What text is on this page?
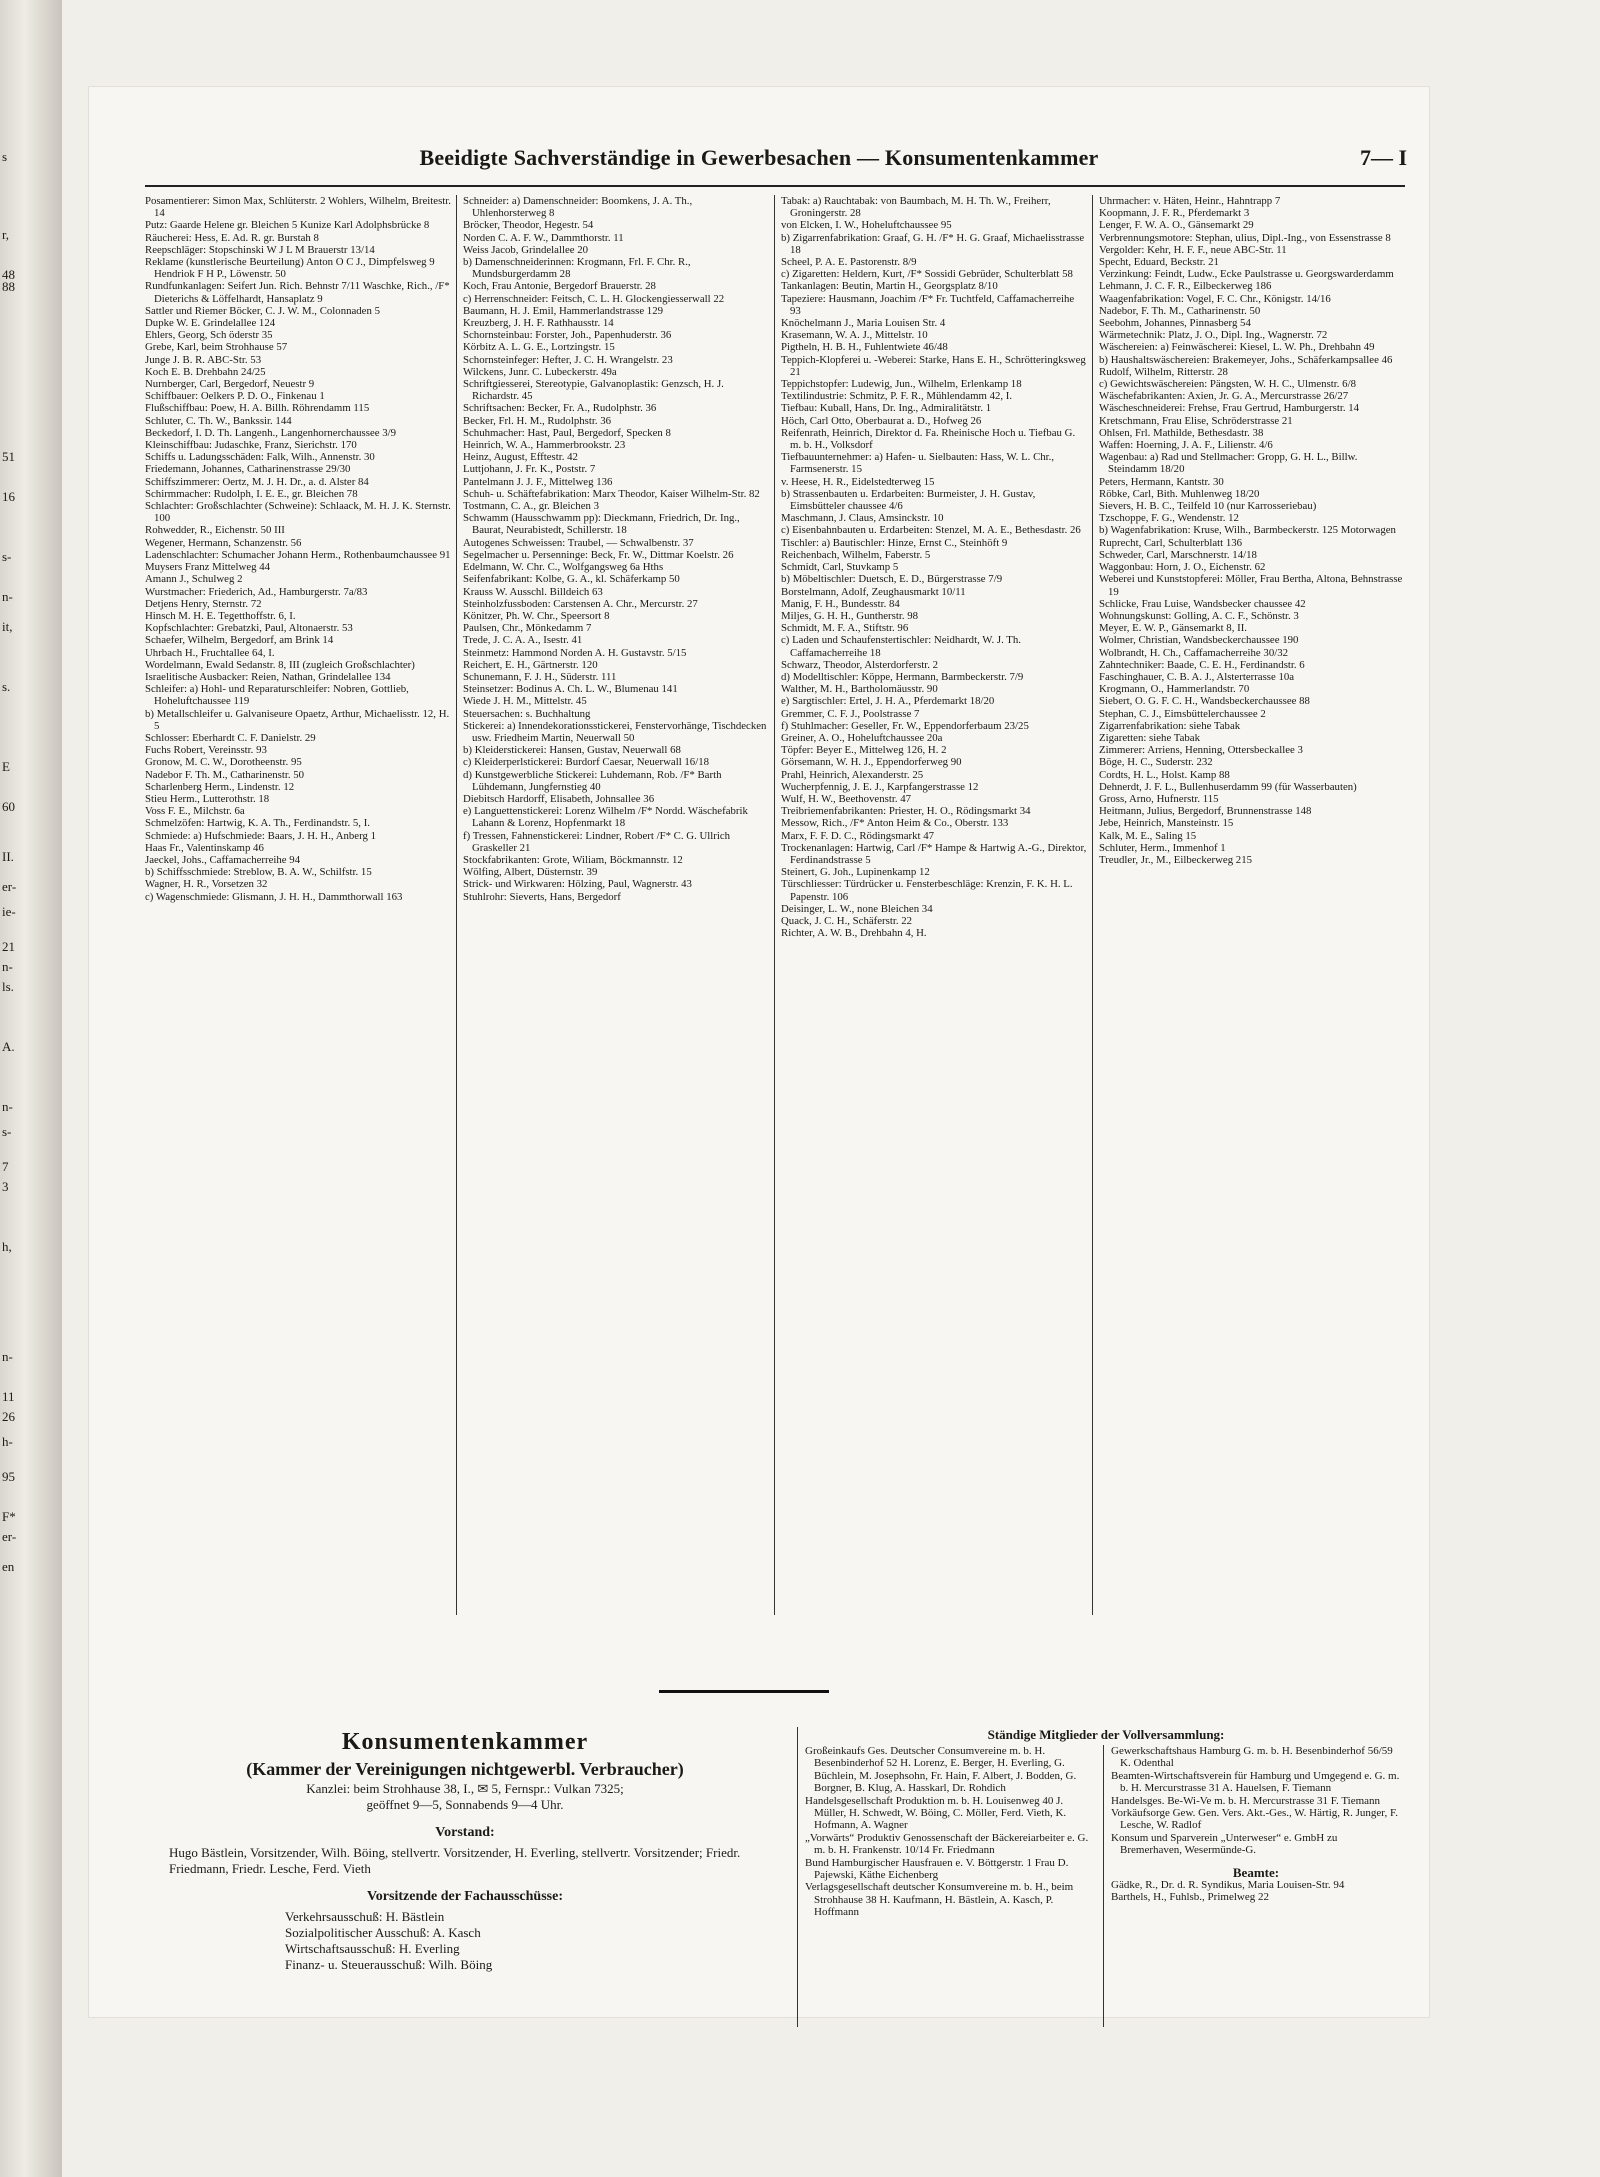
s
r,
48
88
51
16
s-
n-
it,
s.
E
60
II.
er-
ie-
21
n-
ls.
A.
n-
s-
7
3
h,
n-
11
26
h-
95
F*
er-
en
Beeidigte Sachverständige in Gewerbesachen — Konsumentenkammer	7— I

Posamentierer: Simon Max, Schlüterstr. 2 Wohlers, Wilhelm, Breitestr. 14

Putz: Gaarde Helene gr. Bleichen 5 Kunize Karl Adolphsbrücke 8

Räucherei: Hess, E. Ad. R. gr. Burstah 8

Reepschläger: Stopschinski W J L M Brauerstr 13/14

Reklame (kunstlerische Beurteilung) Anton O C J., Dimpfelsweg 9 Hendriok F H P., Löwenstr. 50

Rundfunkanlagen: Seifert Jun. Rich. Behnstr 7/11 Waschke, Rich., /F* Dieterichs & Löffelhardt, Hansaplatz 9

Sattler und Riemer Böcker, C. J. W. M., Colonnaden 5

Dupke W. E. Grindelallee 124

Ehlers, Georg, Sch öderstr 35

Grebe, Karl, beim Strohhause 57

Junge J. B. R. ABC-Str. 53

Koch E. B. Drehbahn 24/25

Nurnberger, Carl, Bergedorf, Neuestr 9

Schiffbauer: Oelkers P. D. O., Finkenau 1

Flußschiffbau: Poew, H. A. Billh. Röhrendamm 115

Schluter, C. Th. W., Bankssir. 144

Beckedorf, I. D. Th. Langenh., Langenhornerchaussee 3/9

Kleinschiffbau: Judaschke, Franz, Sierichstr. 170

Schiffs u. Ladungsschäden: Falk, Wilh., Annenstr. 30

Friedemann, Johannes, Catharinenstrasse 29/30

Schiffszimmerer: Oertz, M. J. H. Dr., a. d. Alster 84

Schirmmacher: Rudolph, I. E. E., gr. Bleichen 78

Schlachter: Großschlachter (Schweine): Schlaack, M. H. J. K. Sternstr. 100

Rohwedder, R., Eichenstr. 50 III

Wegener, Hermann, Schanzenstr. 56

Ladenschlachter: Schumacher Johann Herm., Rothenbaumchaussee 91

Muysers Franz Mittelweg 44

Amann J., Schulweg 2

Wurstmacher: Friederich, Ad., Hamburgerstr. 7a/83

Detjens Henry, Sternstr. 72

Hinsch M. H. E. Tegetthoffstr. 6, I.

Kopfschlachter: Grebatzki, Paul, Altonaerstr. 53

Schaefer, Wilhelm, Bergedorf, am Brink 14

Uhrbach H., Fruchtallee 64, I.

Wordelmann, Ewald Sedanstr. 8, III (zugleich Großschlachter)

Israelitische Ausbacker: Reien, Nathan, Grindelallee 134

Schleifer: a) Hohl- und Reparaturschleifer: Nobren, Gottlieb, Hoheluftchaussee 119

b) Metallschleifer u. Galvaniseure Opaetz, Arthur, Michaelisstr. 12, H. 5

Schlosser: Eberhardt C. F. Danielstr. 29

Fuchs Robert, Vereinsstr. 93

Gronow, M. C. W., Dorotheenstr. 95

Nadebor F. Th. M., Catharinenstr. 50

Scharlenberg Herm., Lindenstr. 12

Stieu Herm., Lutterothstr. 18

Voss F. E., Milchstr. 6a

Schmelzöfen: Hartwig, K. A. Th., Ferdinandstr. 5, I.

Schmiede: a) Hufschmiede: Baars, J. H. H., Anberg 1

Haas Fr., Valentinskamp 46

Jaeckel, Johs., Caffamacherreihe 94

b) Schiffsschmiede: Streblow, B. A. W., Schilfstr. 15

Wagner, H. R., Vorsetzen 32

c) Wagenschmiede: Glismann, J. H. H., Dammthorwall 163

Schneider: a) Damenschneider: Boomkens, J. A. Th., Uhlenhorsterweg 8

Bröcker, Theodor, Hegestr. 54

Norden C. A. F. W., Dammthorstr. 11

Weiss Jacob, Grindelallee 20

b) Damenschneiderinnen: Krogmann, Frl. F. Chr. R., Mundsburgerdamm 28

Koch, Frau Antonie, Bergedorf Brauerstr. 28

c) Herrenschneider: Feitsch, C. L. H. Glockengiesserwall 22

Baumann, H. J. Emil, Hammerlandstrasse 129

Kreuzberg, J. H. F. Rathhausstr. 14

Schornsteinbau: Forster, Joh., Papenhuderstr. 36

Körbitz A. L. G. E., Lortzingstr. 15

Schornsteinfeger: Hefter, J. C. H. Wrangelstr. 23

Wilckens, Junr. C. Lubeckerstr. 49a

Schriftgiesserei, Stereotypie, Galvanoplastik: Genzsch, H. J. Richardstr. 45

Schriftsachen: Becker, Fr. A., Rudolphstr. 36

Becker, Frl. H. M., Rudolphstr. 36

Schuhmacher: Hast, Paul, Bergedorf, Specken 8

Heinrich, W. A., Hammerbrookstr. 23

Heinz, August, Efftestr. 42

Luttjohann, J. Fr. K., Poststr. 7

Pantelmann J. J. F., Mittelweg 136

Schuh- u. Schäftefabrikation: Marx Theodor, Kaiser Wilhelm-Str. 82

Tostmann, C. A., gr. Bleichen 3

Schwamm (Hausschwamm pp): Dieckmann, Friedrich, Dr. Ing., Baurat, Neurabistedt, Schillerstr. 18

Autogenes Schweissen: Traubel, — Schwalbenstr. 37

Segelmacher u. Persenninge: Beck, Fr. W., Dittmar Koelstr. 26

Edelmann, W. Chr. C., Wolfgangsweg 6a Hths

Seifenfabrikant: Kolbe, G. A., kl. Schäferkamp 50

Krauss W. Ausschl. Billdeich 63

Steinholzfussboden: Carstensen A. Chr., Mercurstr. 27

Könitzer, Ph. W. Chr., Speersort 8

Paulsen, Chr., Mönkedamm 7

Trede, J. C. A. A., Isestr. 41

Steinmetz: Hammond Norden A. H. Gustavstr. 5/15

Reichert, E. H., Gärtnerstr. 120

Schunemann, F. J. H., Süderstr. 111

Steinsetzer: Bodinus A. Ch. L. W., Blumenau 141

Wiede J. H. M., Mittelstr. 45

Steuersachen: s. Buchhaltung

Stickerei: a) Innendekorationsstickerei, Fenstervorhänge, Tischdecken usw. Friedheim Martin, Neuerwall 50

b) Kleiderstickerei: Hansen, Gustav, Neuerwall 68

c) Kleiderperlstickerei: Burdorf Caesar, Neuerwall 16/18

d) Kunstgewerbliche Stickerei: Luhdemann, Rob. /F* Barth Lühdemann, Jungfernstieg 40

Diebitsch Hardorff, Elisabeth, Johnsallee 36

e) Languettenstickerei: Lorenz Wilhelm /F* Nordd. Wäschefabrik Lahann & Lorenz, Hopfenmarkt 18

f) Tressen, Fahnenstickerei: Lindner, Robert /F* C. G. Ullrich Graskeller 21

Stockfabrikanten: Grote, Wiliam, Böckmannstr. 12

Wölfing, Albert, Düsternstr. 39

Strick- und Wirkwaren: Hölzing, Paul, Wagnerstr. 43

Stuhlrohr: Sieverts, Hans, Bergedorf

Tabak: a) Rauchtabak: von Baumbach, M. H. Th. W., Freiherr, Groningerstr. 28

von Elcken, I. W., Hoheluftchaussee 95

b) Zigarrenfabrikation: Graaf, G. H. /F* H. G. Graaf, Michaelisstrasse 18

Scheel, P. A. E. Pastorenstr. 8/9

c) Zigaretten: Heldern, Kurt, /F* Sossidi Gebrüder, Schulterblatt 58

Tankanlagen: Beutin, Martin H., Georgsplatz 8/10

Tapeziere: Hausmann, Joachim /F* Fr. Tuchtfeld, Caffamacherreihe 93

Knöchelmann J., Maria Louisen Str. 4

Krasemann, W. A. J., Mittelstr. 10

Pigtheln, H. B. H., Fuhlentwiete 46/48

Teppich-Klopferei u. -Weberei: Starke, Hans E. H., Schrötteringksweg 21

Teppichstopfer: Ludewig, Jun., Wilhelm, Erlenkamp 18

Textilindustrie: Schmitz, P. F. R., Mühlendamm 42, I.

Tiefbau: Kuball, Hans, Dr. Ing., Admiralitätstr. 1

Höch, Carl Otto, Oberbaurat a. D., Hofweg 26

Reifenrath, Heinrich, Direktor d. Fa. Rheinische Hoch u. Tiefbau G. m. b. H., Volksdorf

Tiefbauunternehmer: a) Hafen- u. Sielbauten: Hass, W. L. Chr., Farmsenerstr. 15

v. Heese, H. R., Eidelstedterweg 15

b) Strassenbauten u. Erdarbeiten: Burmeister, J. H. Gustav, Eimsbütteler chaussee 4/6

Maschmann, J. Claus, Amsinckstr. 10

c) Eisenbahnbauten u. Erdarbeiten: Stenzel, M. A. E., Bethesdastr. 26

Tischler: a) Bautischler: Hinze, Ernst C., Steinhöft 9

Reichenbach, Wilhelm, Faberstr. 5

Schmidt, Carl, Stuvkamp 5

b) Möbeltischler: Duetsch, E. D., Bürgerstrasse 7/9

Borstelmann, Adolf, Zeughausmarkt 10/11

Manig, F. H., Bundesstr. 84

Miljes, G. H. H., Guntherstr. 98

Schmidt, M. F. A., Stiftstr. 96

c) Laden und Schaufenstertischler: Neidhardt, W. J. Th. Caffamacherreihe 18

Schwarz, Theodor, Alsterdorferstr. 2

d) Modelltischler: Köppe, Hermann, Barmbeckerstr. 7/9

Walther, M. H., Bartholomäusstr. 90

e) Sargtischler: Ertel, J. H. A., Pferdemarkt 18/20

Gremmer, C. F. J., Poolstrasse 7

f) Stuhlmacher: Geseller, Fr. W., Eppendorferbaum 23/25

Greiner, A. O., Hoheluftchaussee 20a

Töpfer: Beyer E., Mittelweg 126, H. 2

Görsemann, W. H. J., Eppendorferweg 90

Prahl, Heinrich, Alexanderstr. 25

Wucherpfennig, J. E. J., Karpfangerstrasse 12

Wulf, H. W., Beethovenstr. 47

Treibriemenfabrikanten: Priester, H. O., Rödingsmarkt 34

Messow, Rich., /F* Anton Heim & Co., Oberstr. 133

Marx, F. F. D. C., Rödingsmarkt 47

Trockenanlagen: Hartwig, Carl /F* Hampe & Hartwig A.-G., Direktor, Ferdinandstrasse 5

Steinert, G. Joh., Lupinenkamp 12

Türschliesser: Türdrücker u. Fensterbeschläge: Krenzin, F. K. H. L. Papenstr. 106

Deisinger, L. W., none Bleichen 34

Quack, J. C. H., Schäferstr. 22

Richter, A. W. B., Drehbahn 4, H.

Uhrmacher: v. Häten, Heinr., Hahntrapp 7

Koopmann, J. F. R., Pferdemarkt 3

Lenger, F. W. A. O., Gänsemarkt 29

Verbrennungsmotore: Stephan, ulius, Dipl.-Ing., von Essenstrasse 8

Vergolder: Kehr, H. F. F., neue ABC-Str. 11

Specht, Eduard, Beckstr. 21

Verzinkung: Feindt, Ludw., Ecke Paulstrasse u. Georgswarderdamm

Lehmann, J. C. F. R., Eilbeckerweg 186

Waagenfabrikation: Vogel, F. C. Chr., Königstr. 14/16

Nadebor, F. Th. M., Catharinenstr. 50

Seebohm, Johannes, Pinnasberg 54

Wärmetechnik: Platz, J. O., Dipl. Ing., Wagnerstr. 72

Wäschereien: a) Feinwäscherei: Kiesel, L. W. Ph., Drehbahn 49

b) Haushaltswäschereien: Brakemeyer, Johs., Schäferkampsallee 46

Rudolf, Wilhelm, Ritterstr. 28

c) Gewichtswäschereien: Pängsten, W. H. C., Ulmenstr. 6/8

Wäschefabrikanten: Axien, Jr. G. A., Mercurstrasse 26/27

Wäscheschneiderei: Frehse, Frau Gertrud, Hamburgerstr. 14

Kretschmann, Frau Elise, Schröderstrasse 21

Ohlsen, Frl. Mathilde, Bethesdastr. 38

Waffen: Hoerning, J. A. F., Lilienstr. 4/6

Wagenbau: a) Rad und Stellmacher: Gropp, G. H. L., Billw. Steindamm 18/20

Peters, Hermann, Kantstr. 30

Röbke, Carl, Bith. Muhlenweg 18/20

Sievers, H. B. C., Teilfeld 10 (nur Karrosseriebau)

Tzschoppe, F. G., Wendenstr. 12

b) Wagenfabrikation: Kruse, Wilh., Barmbeckerstr. 125 Motorwagen

Ruprecht, Carl, Schulterblatt 136

Schweder, Carl, Marschnerstr. 14/18

Waggonbau: Horn, J. O., Eichenstr. 62

Weberei und Kunststopferei: Möller, Frau Bertha, Altona, Behnstrasse 19

Schlicke, Frau Luise, Wandsbecker chaussee 42

Wohnungskunst: Golling, A. C. F., Schönstr. 3

Meyer, E. W. P., Gänsemarkt 8, II.

Wolmer, Christian, Wandsbeckerchaussee 190

Wolbrandt, H. Ch., Caffamacherreihe 30/32

Zahntechniker: Baade, C. E. H., Ferdinandstr. 6

Faschinghauer, C. B. A. J., Alsterterrasse 10a

Krogmann, O., Hammerlandstr. 70

Siebert, O. G. F. C. H., Wandsbeckerchaussee 88

Stephan, C. J., Eimsbüttelerchaussee 2

Zigarrenfabrikation: siehe Tabak

Zigaretten: siehe Tabak

Zimmerer: Arriens, Henning, Ottersbeckallee 3

Böge, H. C., Suderstr. 232

Cordts, H. L., Holst. Kamp 88

Dehnerdt, J. F. L., Bullenhuserdamm 99 (für Wasserbauten)

Gross, Arno, Hufnerstr. 115

Heitmann, Julius, Bergedorf, Brunnenstrasse 148

Jebe, Heinrich, Mansteinstr. 15

Kalk, M. E., Saling 15

Schluter, Herm., Immenhof 1

Treudler, Jr., M., Eilbeckerweg 215

Konsumentenkammer
(Kammer der Vereinigungen nichtgewerbl. Verbraucher)
Kanzlei: beim Strohhause 38, I., ✉ 5, Fernspr.: Vulkan 7325;
geöffnet 9—5, Sonnabends 9—4 Uhr.
Vorstand:
Hugo Bästlein, Vorsitzender, Wilh. Böing, stellvertr. Vorsitzender, H. Everling, stellvertr. Vorsitzender; Friedr. Friedmann, Friedr. Lesche, Ferd. Vieth
Vorsitzende der Fachausschüsse:
Verkehrsausschuß: H. Bästlein
Sozialpolitischer Ausschuß: A. Kasch
Wirtschaftsausschuß: H. Everling
Finanz- u. Steuerausschuß: Wilh. Böing
Ständige Mitglieder der Vollversammlung:

Großeinkaufs Ges. Deutscher Consumvereine m. b. H. Besenbinderhof 52 H. Lorenz, E. Berger, H. Everling, G. Büchlein, M. Josephsohn, Fr. Hain, F. Albert, J. Bodden, G. Borgner, B. Klug, A. Hasskarl, Dr. Rohdich

Handelsgesellschaft Produktion m. b. H. Louisenweg 40 J. Müller, H. Schwedt, W. Böing, C. Möller, Ferd. Vieth, K. Hofmann, A. Wagner

„Vorwärts“ Produktiv Genossenschaft der Bäckereiarbeiter e. G. m. b. H. Frankenstr. 10/14 Fr. Friedmann

Bund Hamburgischer Hausfrauen e. V. Böttgerstr. 1 Frau D. Pajewski, Käthe Eichenberg

Verlagsgesellschaft deutscher Konsumvereine m. b. H., beim Strohhause 38 H. Kaufmann, H. Bästlein, A. Kasch, P. Hoffmann

Gewerkschaftshaus Hamburg G. m. b. H. Besenbinderhof 56/59 K. Odenthal

Beamten-Wirtschaftsverein für Hamburg und Umgegend e. G. m. b. H. Mercurstrasse 31 A. Hauelsen, F. Tiemann

Handelsges. Be-Wi-Ve m. b. H. Mercurstrasse 31 F. Tiemann

Vorkäufsorge Gew. Gen. Vers. Akt.-Ges., W. Härtig, R. Junger, F. Lesche, W. Radlof

Konsum und Sparverein „Unterweser“ e. GmbH zu Bremerhaven, Wesermünde-G.

Beamte:

Gädke, R., Dr. d. R. Syndikus, Maria Louisen-Str. 94

Barthels, H., Fuhlsb., Primelweg 22
